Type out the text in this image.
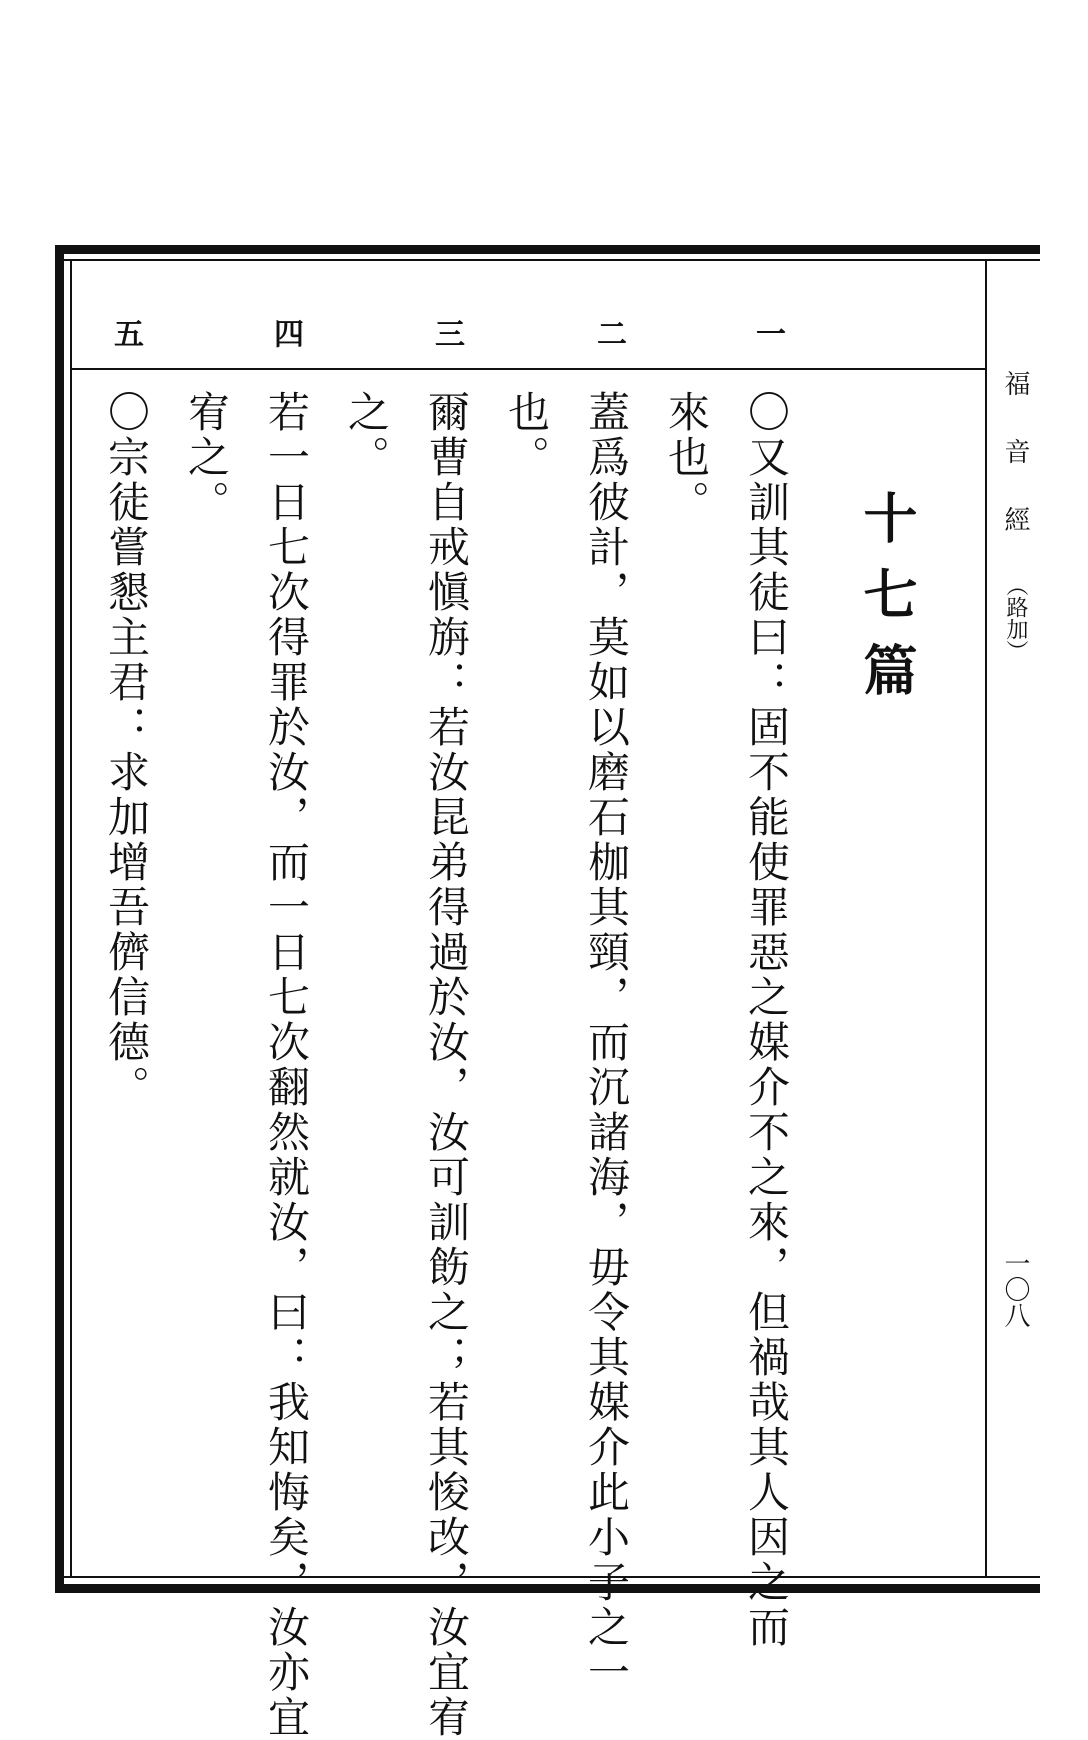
福音經（路加）
一〇八
十七篇
一
二
三
四
五
〇又訓其徒曰：固不能使罪惡之媒介不之來，但禍哉其人因之而
來也。
蓋爲彼計，莫如以磨石枷其頸，而沉諸海，毋令其媒介此小子之一
也。
爾曹自戒愼旃：若汝昆弟得過於汝，汝可訓飭之；若其悛改，汝宜宥
之。
若一日七次得罪於汝，而一日七次翻然就汝，曰：我知悔矣，汝亦宜
宥之。
〇宗徒嘗懇主君：求加增吾儕信德。
